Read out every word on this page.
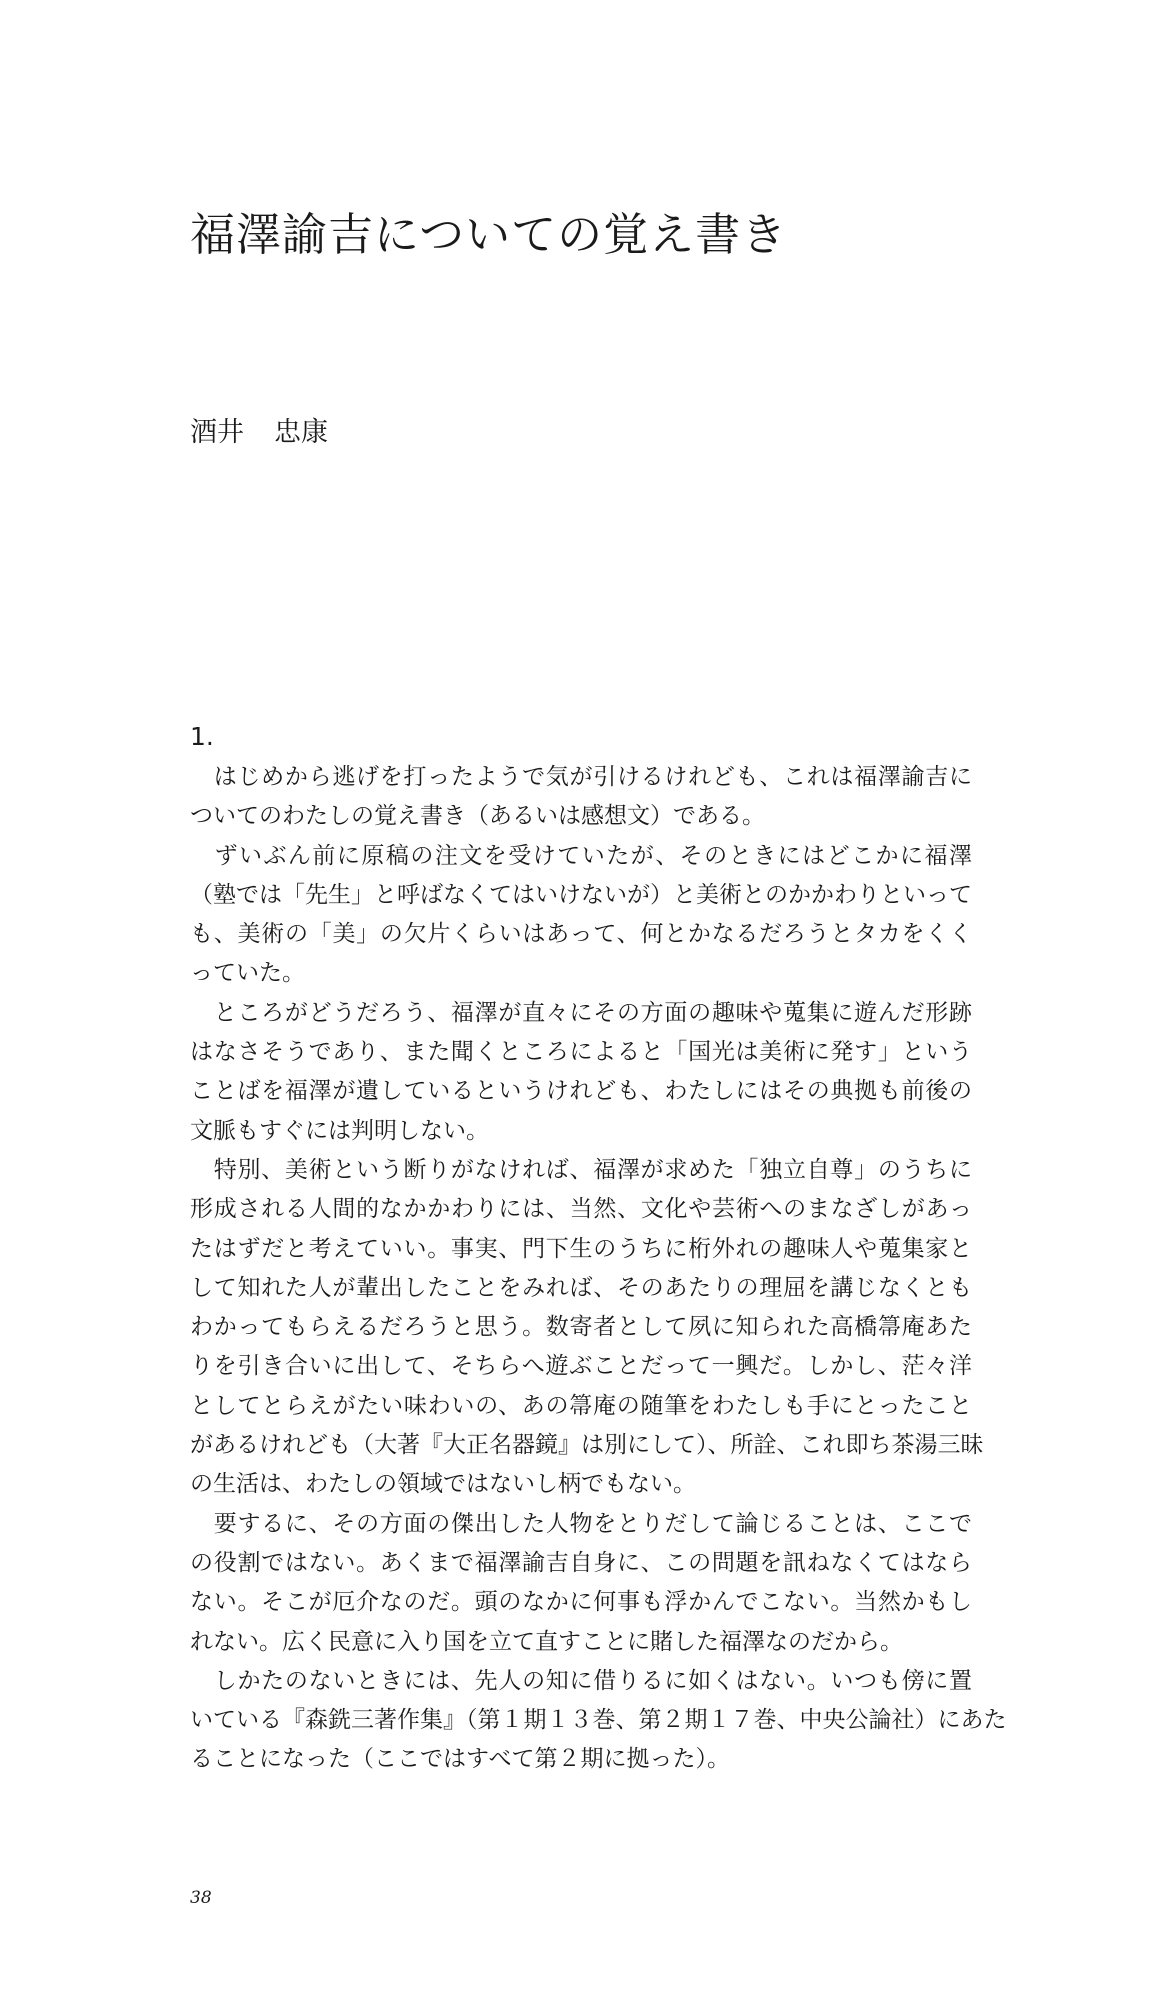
福澤諭吉についての覚え書き
酒井 忠康
1.
　はじめから逃げを打ったようで気が引けるけれども、これは福澤諭吉に
ついてのわたしの覚え書き（あるいは感想文）である。
　ずいぶん前に原稿の注文を受けていたが、そのときにはどこかに福澤
（塾では「先生」と呼ばなくてはいけないが）と美術とのかかわりといって
も、美術の「美」の欠片くらいはあって、何とかなるだろうとタカをくく
っていた。
　ところがどうだろう、福澤が直々にその方面の趣味や蒐集に遊んだ形跡
はなさそうであり、また聞くところによると「国光は美術に発す」という
ことばを福澤が遺しているというけれども、わたしにはその典拠も前後の
文脈もすぐには判明しない。
　特別、美術という断りがなければ、福澤が求めた「独立自尊」のうちに
形成される人間的なかかわりには、当然、文化や芸術へのまなざしがあっ
たはずだと考えていい。事実、門下生のうちに桁外れの趣味人や蒐集家と
して知れた人が輩出したことをみれば、そのあたりの理屈を講じなくとも
わかってもらえるだろうと思う。数寄者として夙に知られた高橋箒庵あた
りを引き合いに出して、そちらへ遊ぶことだって一興だ。しかし、茫々洋
としてとらえがたい味わいの、あの箒庵の随筆をわたしも手にとったこと
があるけれども（大著『大正名器鏡』は別にして）、所詮、これ即ち茶湯三昧
の生活は、わたしの領域ではないし柄でもない。
　要するに、その方面の傑出した人物をとりだして論じることは、ここで
の役割ではない。あくまで福澤諭吉自身に、この問題を訊ねなくてはなら
ない。そこが厄介なのだ。頭のなかに何事も浮かんでこない。当然かもし
れない。広く民意に入り国を立て直すことに賭した福澤なのだから。
　しかたのないときには、先人の知に借りるに如くはない。いつも傍に置
いている『森銑三著作集』（第１期１３巻、第２期１７巻、中央公論社）にあた
ることになった（ここではすべて第２期に拠った）。
38
